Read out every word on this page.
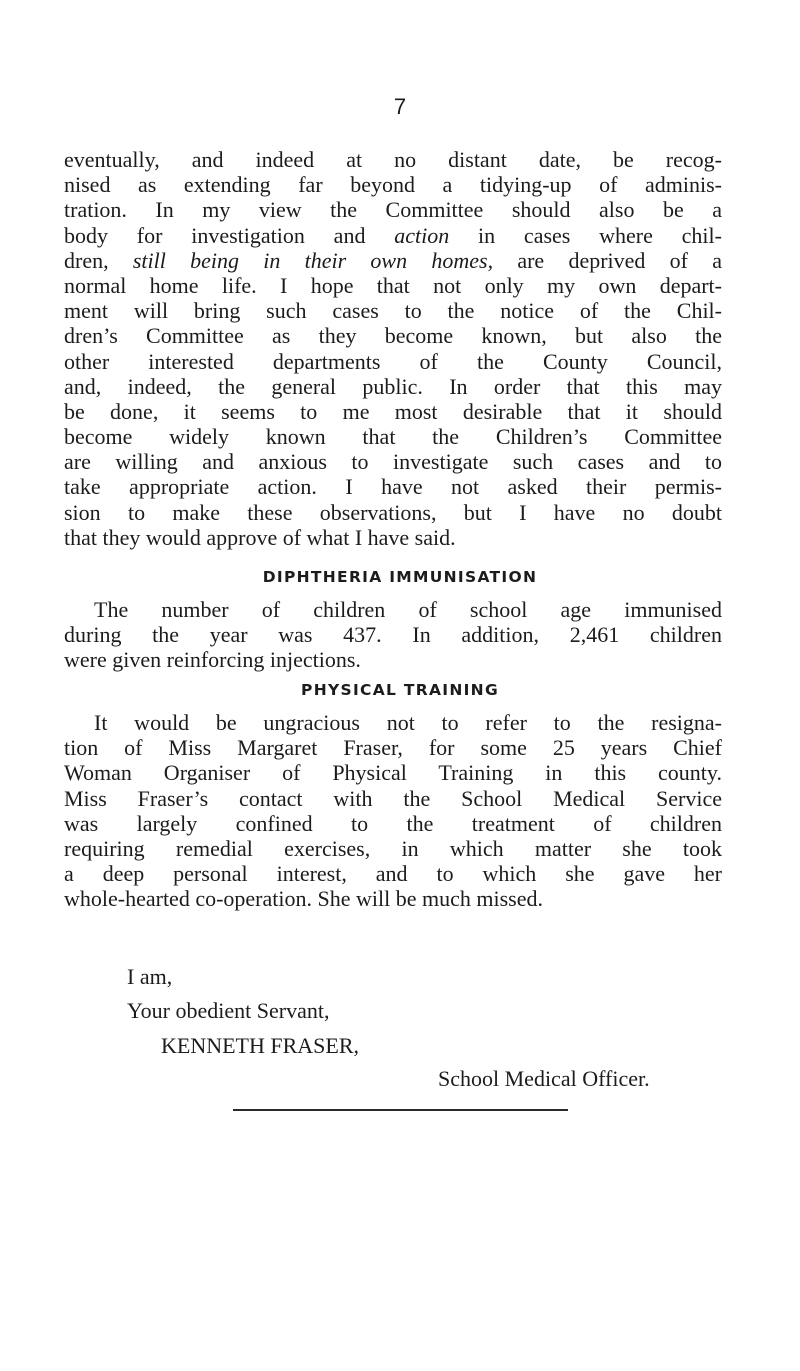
7
eventually, and indeed at no distant date, be recog-
nised as extending far beyond a tidying-up of adminis-
tration. In my view the Committee should also be a
body for investigation and action in cases where chil-
dren, still being in their own homes, are deprived of a
normal home life. I hope that not only my own depart-
ment will bring such cases to the notice of the Chil-
dren’s Committee as they become known, but also the
other interested departments of the County Council,
and, indeed, the general public. In order that this may
be done, it seems to me most desirable that it should
become widely known that the Children’s Committee
are willing and anxious to investigate such cases and to
take appropriate action. I have not asked their permis-
sion to make these observations, but I have no doubt
that they would approve of what I have said.
DIPHTHERIA IMMUNISATION
The number of children of school age immunised
during the year was 437. In addition, 2,461 children
were given reinforcing injections.
PHYSICAL TRAINING
It would be ungracious not to refer to the resigna-
tion of Miss Margaret Fraser, for some 25 years Chief
Woman Organiser of Physical Training in this county.
Miss Fraser’s contact with the School Medical Service
was largely confined to the treatment of children
requiring remedial exercises, in which matter she took
a deep personal interest, and to which she gave her
whole-hearted co-operation. She will be much missed.
I am,
Your obedient Servant,
KENNETH FRASER,
School Medical Officer.
